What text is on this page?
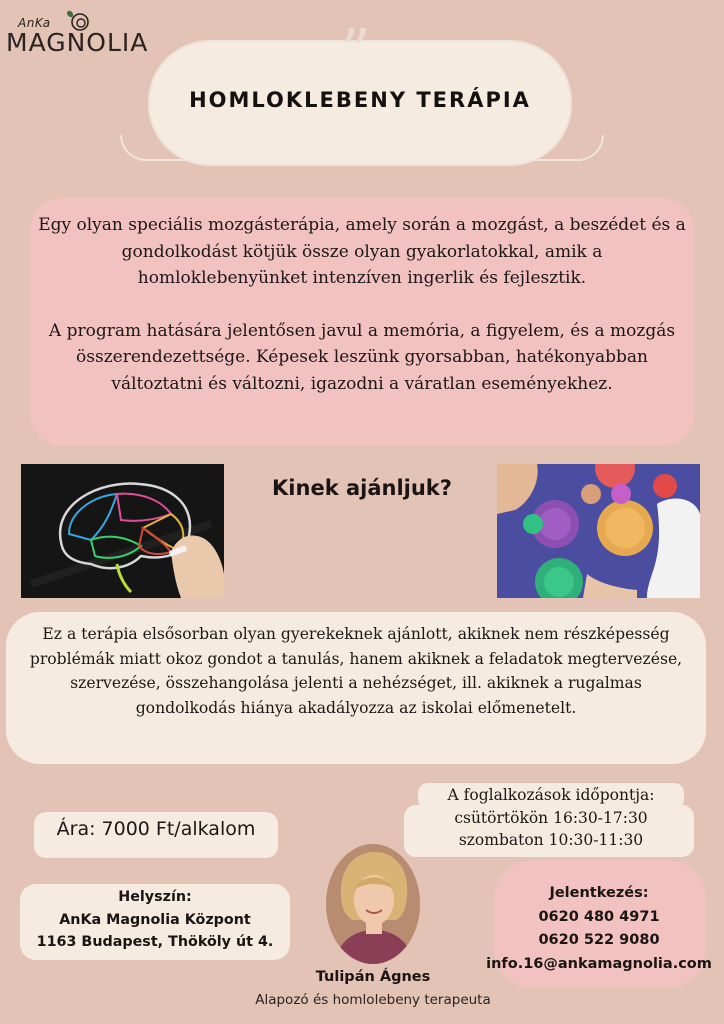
AnKa
MAGNOLIA	”
HOMLOKLEBENY TERÁPIA

Egy olyan speciális mozgásterápia, amely során a mozgást, a beszédet és a gondolkodást kötjük össze olyan gyakorlatokkal, amik a homloklebenyünket intenzíven ingerlik és fejlesztik.

A program hatására jelentősen javul a memória, a figyelem, és a mozgás összerendezettsége. Képesek leszünk gyorsabban, hatékonyabban változtatni és változni, igazodni a váratlan eseményekhez.

Kinek ajánljuk?
Ez a terápia elsősorban olyan gyerekeknek ajánlott, akiknek nem részképesség problémák miatt okoz gondot a tanulás, hanem akiknek a feladatok megtervezése, szervezése, összehangolása jelenti a nehézséget, ill. akiknek a rugalmas gondolkodás hiánya akadályozza az iskolai előmenetelt.
A foglalkozások időpontja:
csütörtökön 16:30-17:30
szombaton 10:30-11:30
Ára: 7000 Ft/alkalom
Helyszín:
AnKa Magnolia Központ
1163 Budapest, Thököly út 4.
Tulipán Ágnes
Alapozó és homlolebeny terapeuta
Jelentkezés:
0620 480 4971
0620 522 9080
info.16@ankamagnolia.com
